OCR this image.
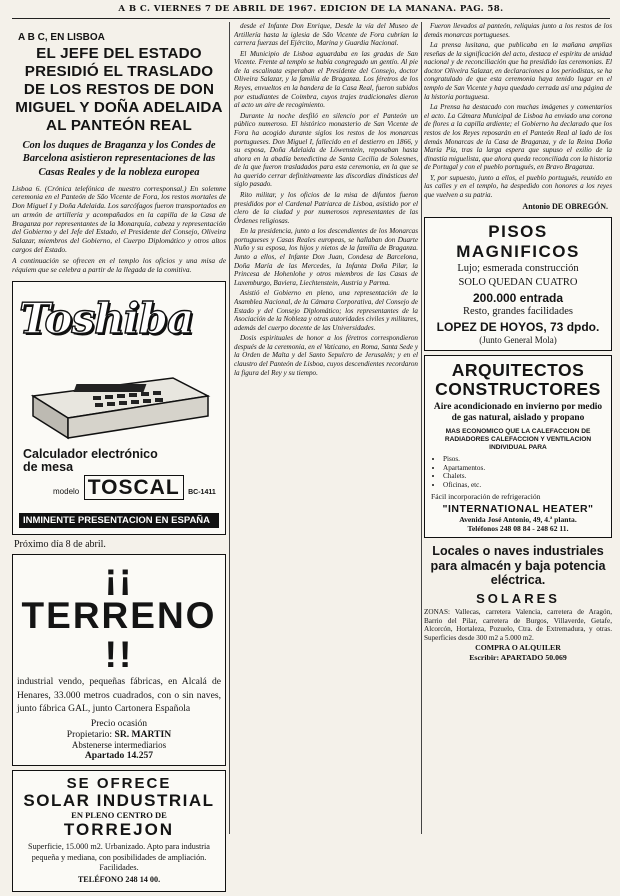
A B C. VIERNES 7 DE ABRIL DE 1967. EDICION DE LA MAÑANA. PAG. 58.
A B C, EN LISBOA
EL JEFE DEL ESTADO PRESIDIÓ EL TRASLADO DE LOS RESTOS DE DON MIGUEL Y DOÑA ADELAIDA AL PANTEÓN REAL
Con los duques de Braganza y los Condes de Barcelona asistieron representaciones de las Casas Reales y de la nobleza europea

Lisboa 6. (Crónica telefónica de nuestro corresponsal.) En solemne ceremonia en el Panteón de São Vicente de Fora, los restos mortales de Don Miguel I y Doña Adelaida. Los sarcófagos fueron transportados en un armón de artillería y acompañados en la capilla de la Casa de Braganza por representantes de la Monarquía, cabeza y representación del Gobierno y del Jefe del Estado, el Presidente del Consejo, Oliveira Salazar, miembros del Gobierno, el Cuerpo Diplomático y otros altos cargos del Estado.

A continuación se ofrecen en el templo los oficios y una misa de réquiem que se celebra a partir de la llegada de la comitiva.

Toshiba
Calculador electrónico
de mesa
modelo TOSCAL BC-1411
INMINENTE PRESENTACION EN ESPAÑA
Próximo día 8 de abril.
¡¡ TERRENO !!
industrial vendo, pequeñas fábricas, en Alcalá de Henares, 33.000 metros cuadrados, con o sin naves, junto fábrica GAL, junto Cartonera Española
Precio ocasión
Propietario: SR. MARTIN
Abstenerse intermediarios
Apartado 14.257
SE OFRECE
SOLAR INDUSTRIAL
EN PLENO CENTRO DE
TORREJON
Superficie, 15.000 m2. Urbanizado. Apto para industria pequeña y mediana, con posibilidades de ampliación. Facilidades.
TELÉFONO 248 14 00.

desde el Infante Don Enrique, Desde la vía del Museo de Artillería hasta la iglesia de São Vicente de Fora cubrían la carrera fuerzas del Ejército, Marina y Guardia Nacional.

El Municipio de Lisboa aguardaba en las gradas de San Vicente. Frente al templo se había congregado un gentío. Al pie de la escalinata esperaban el Presidente del Consejo, doctor Oliveira Salazar, y la familia de Braganza. Los féretros de los Reyes, envueltos en la bandera de la Casa Real, fueron subidos por estudiantes de Coimbra, cuyos trajes tradicionales dieron al acto un aire de recogimiento.

Durante la noche desfiló en silencio por el Panteón un público numeroso. El histórico monasterio de San Vicente de Fora ha acogido durante siglos los restos de los monarcas portugueses. Don Miguel I, fallecido en el destierro en 1866, y su esposa, Doña Adelaida de Löwenstein, reposaban hasta ahora en la abadía benedictina de Santa Cecilia de Solesmes, de la que fueron trasladados para esta ceremonia, en la que se ha querido cerrar definitivamente las discordias dinásticas del siglo pasado.

Rito militar, y los oficios de la misa de difuntos fueron presididos por el Cardenal Patriarca de Lisboa, asistido por el clero de la ciudad y por numerosos representantes de las Órdenes religiosas.

En la presidencia, junto a los descendientes de los Monarcas portugueses y Casas Reales europeas, se hallaban don Duarte Nuño y su esposa, los hijos y nietos de la familia de Braganza. Junto a ellos, el Infante Don Juan, Condesa de Barcelona, Doña María de las Mercedes, la Infanta Doña Pilar, la Princesa de Hohenlohe y otros miembros de las Casas de Luxemburgo, Baviera, Liechtenstein, Austria y Parma.

Asistió el Gobierno en pleno, una representación de la Asamblea Nacional, de la Cámara Corporativa, del Consejo de Estado y del Consejo Diplomático; los representantes de la Asociación de la Nobleza y otras autoridades civiles y militares, además del cuerpo docente de las Universidades.

Dosis espirituales de honor a los féretros correspondieron después de la ceremonia, en el Vaticano, en Roma, Santa Sede y la Orden de Malta y del Santo Sepulcro de Jerusalén; y en el claustro del Panteón de Lisboa, cuyos descendientes recordaron la figura del Rey y su tiempo.

Fueron llevados al panteón, reliquias junto a los restos de los demás monarcas portugueses.

La prensa lusitana, que publicaba en la mañana amplias reseñas de la significación del acto, destaca el espíritu de unidad nacional y de reconciliación que ha presidido las ceremonias. El doctor Oliveira Salazar, en declaraciones a los periodistas, se ha congratulado de que esta ceremonia haya tenido lugar en el templo de San Vicente y haya quedado cerrada así una página de la historia portuguesa.

La Prensa ha destacado con muchas imágenes y comentarios el acto. La Cámara Municipal de Lisboa ha enviado una corona de flores a la capilla ardiente; el Gobierno ha declarado que los restos de los Reyes reposarán en el Panteón Real al lado de los demás Monarcas de la Casa de Braganza, y de la Reina Doña María Pía, tras la larga espera que supuso el exilio de la dinastía miguelista, que ahora queda reconciliada con la historia de Portugal y con el pueblo portugués, en Bravo Braganza.

Y, por supuesto, junto a ellos, el pueblo portugués, reunido en las calles y en el templo, ha despedido con honores a los reyes que vuelven a su patria.

Antonio DE OBREGÓN.
PISOS MAGNIFICOS
Lujo; esmerada construcción
SOLO QUEDAN CUATRO
200.000 entrada
Resto, grandes facilidades
LOPEZ DE HOYOS, 73 dpdo.
(Junto General Mola)
ARQUITECTOS
CONSTRUCTORES
Aire acondicionado en invierno por medio de gas natural, aislado y propano
MAS ECONOMICO QUE LA CALEFACCION DE RADIADORES CALEFACCION Y VENTILACION INDIVIDUAL PARA
• Pisos.
• Apartamentos.
• Chalets.
• Oficinas, etc.
Fácil incorporación de refrigeración
"INTERNATIONAL HEATER"
Avenida José Antonio, 49, 4.ª planta.
Teléfonos 248 08 84 - 248 62 11.
Locales o naves industriales para almacén y baja potencia eléctrica.
SOLARES
ZONAS: Vallecas, carretera Valencia, carretera de Aragón, Barrio del Pilar, carretera de Burgos, Villaverde, Getafe, Alcorcón, Hortaleza, Pozuelo, Ctra. de Extremadura, y otras. Superficies desde 300 m2 a 5.000 m2.
COMPRA O ALQUILER
Escribir: APARTADO 50.069
